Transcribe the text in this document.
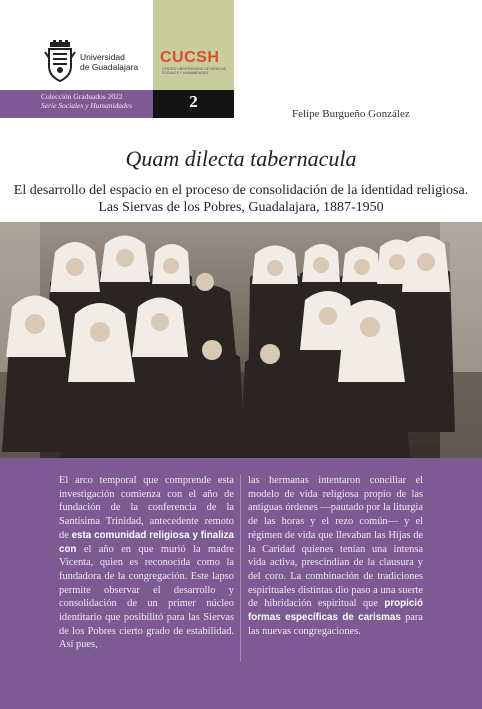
Universidad
de Guadalajara
CUCSH
CENTRO UNIVERSITARIO DE CIENCIAS SOCIALES Y HUMANIDADES
Colección Graduados 2022
Serie Sociales y Humanidades	2
Felipe Burgueño González
Quam dilecta tabernacula
El desarrollo del espacio en el proceso de consolidación de la identidad religiosa.
Las Siervas de los Pobres, Guadalajara, 1887-1950

El arco temporal que comprende esta investigación comienza con el año de fundación de la conferencia de la Santísima Trinidad, antecedente remoto de esta comunidad religiosa y finaliza con el año en que murió la madre Vicenta, quien es reconocida como la fundadora de la congregación. Este lapso permite observar el desarrollo y consolidación de un primer núcleo identitario que posibilitó para las Siervas de los Pobres cierto grado de estabilidad. Así pues,

las hermanas intentaron conciliar el modelo de vida religiosa propio de las antiguas órdenes —pautado por la liturgia de las horas y el rezo común— y el régimen de vida que llevaban las Hijas de la Caridad quienes tenían una intensa vida activa, prescindían de la clausura y del coro. La combinación de tradiciones espirituales distintas dio paso a una suerte de hibridación espiritual que propició formas específicas de carismas para las nuevas congregaciones.
